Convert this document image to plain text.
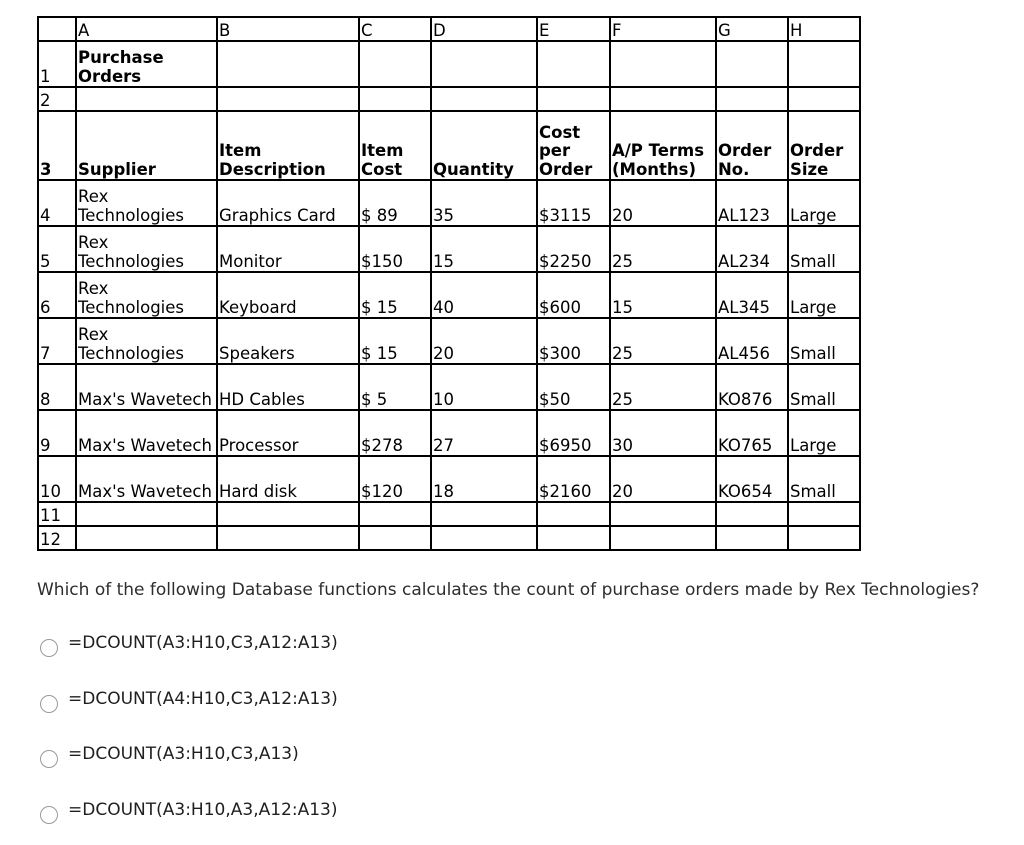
	A	B	C	D	E	F	G	H
1	Purchase Orders							
2								
3	Supplier	Item Description	Item Cost	Quantity	Cost per Order	A/P Terms (Months)	Order No.	Order Size
4	Rex Technologies	Graphics Card	$ 89	35	$3115	20	AL123	Large
5	Rex Technologies	Monitor	$150	15	$2250	25	AL234	Small
6	Rex Technologies	Keyboard	$ 15	40	$600	15	AL345	Large
7	Rex Technologies	Speakers	$ 15	20	$300	25	AL456	Small
8	Max's Wavetech	HD Cables	$ 5	10	$50	25	KO876	Small
9	Max's Wavetech	Processor	$278	27	$6950	30	KO765	Large
10	Max's Wavetech	Hard disk	$120	18	$2160	20	KO654	Small
11								
12								
Which of the following Database functions calculates the count of purchase orders made by Rex Technologies?
=DCOUNT(A3:H10,C3,A12:A13)
=DCOUNT(A4:H10,C3,A12:A13)
=DCOUNT(A3:H10,C3,A13)
=DCOUNT(A3:H10,A3,A12:A13)
